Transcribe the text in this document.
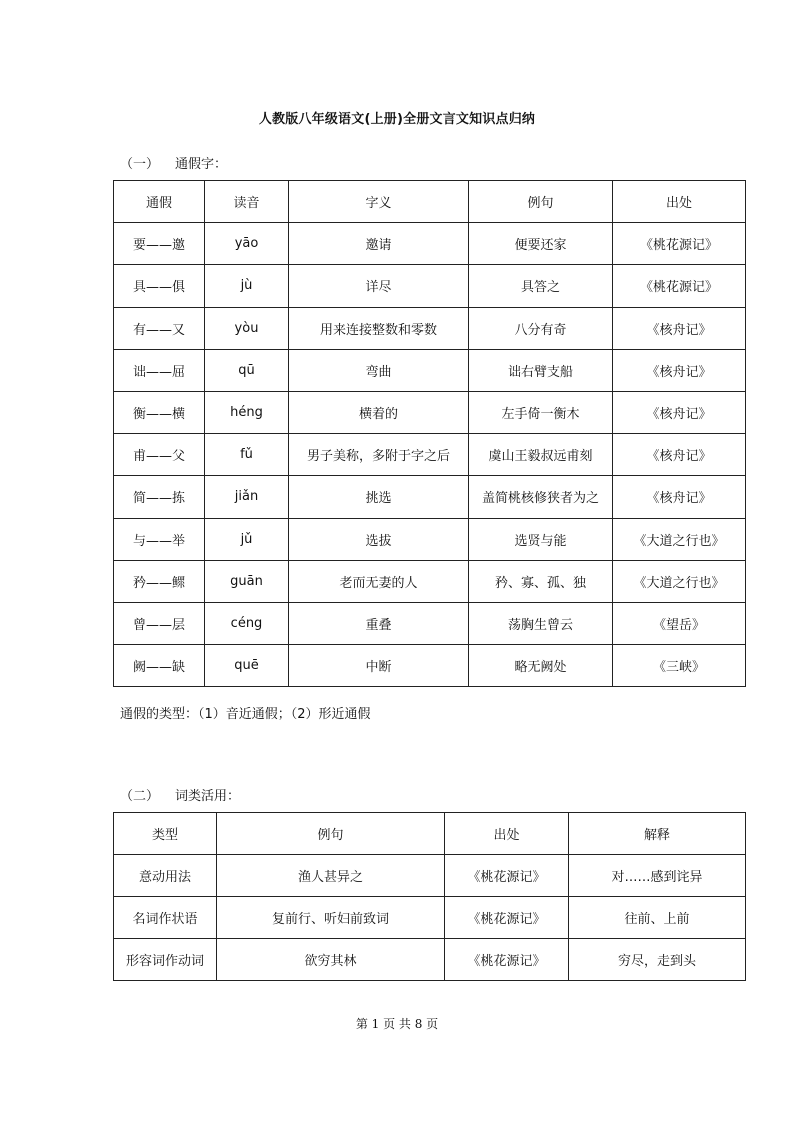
人教版八年级语文(上册)全册文言文知识点归纳
（一） 通假字：
通假	读音	字义	例句	出处
要——邀	yāo	邀请	便要还家	《桃花源记》
具——俱	jù	详尽	具答之	《桃花源记》
有——又	yòu	用来连接整数和零数	八分有奇	《核舟记》
诎——屈	qū	弯曲	诎右臂支船	《核舟记》
衡——横	héng	横着的	左手倚一衡木	《核舟记》
甫——父	fǔ	男子美称，多附于字之后	虞山王毅叔远甫刻	《核舟记》
简——拣	jiǎn	挑选	盖简桃核修狭者为之	《核舟记》
与——举	jǔ	选拔	选贤与能	《大道之行也》
矜——鳏	guān	老而无妻的人	矜、寡、孤、独	《大道之行也》
曾——层	céng	重叠	荡胸生曾云	《望岳》
阙——缺	quē	中断	略无阙处	《三峡》
通假的类型：（1）音近通假；（2）形近通假
（二） 词类活用：
类型	例句	出处	解释
意动用法	渔人甚异之	《桃花源记》	对……感到诧异
名词作状语	复前行、听妇前致词	《桃花源记》	往前、上前
形容词作动词	欲穷其林	《桃花源记》	穷尽，走到头
第 1 页 共 8 页
